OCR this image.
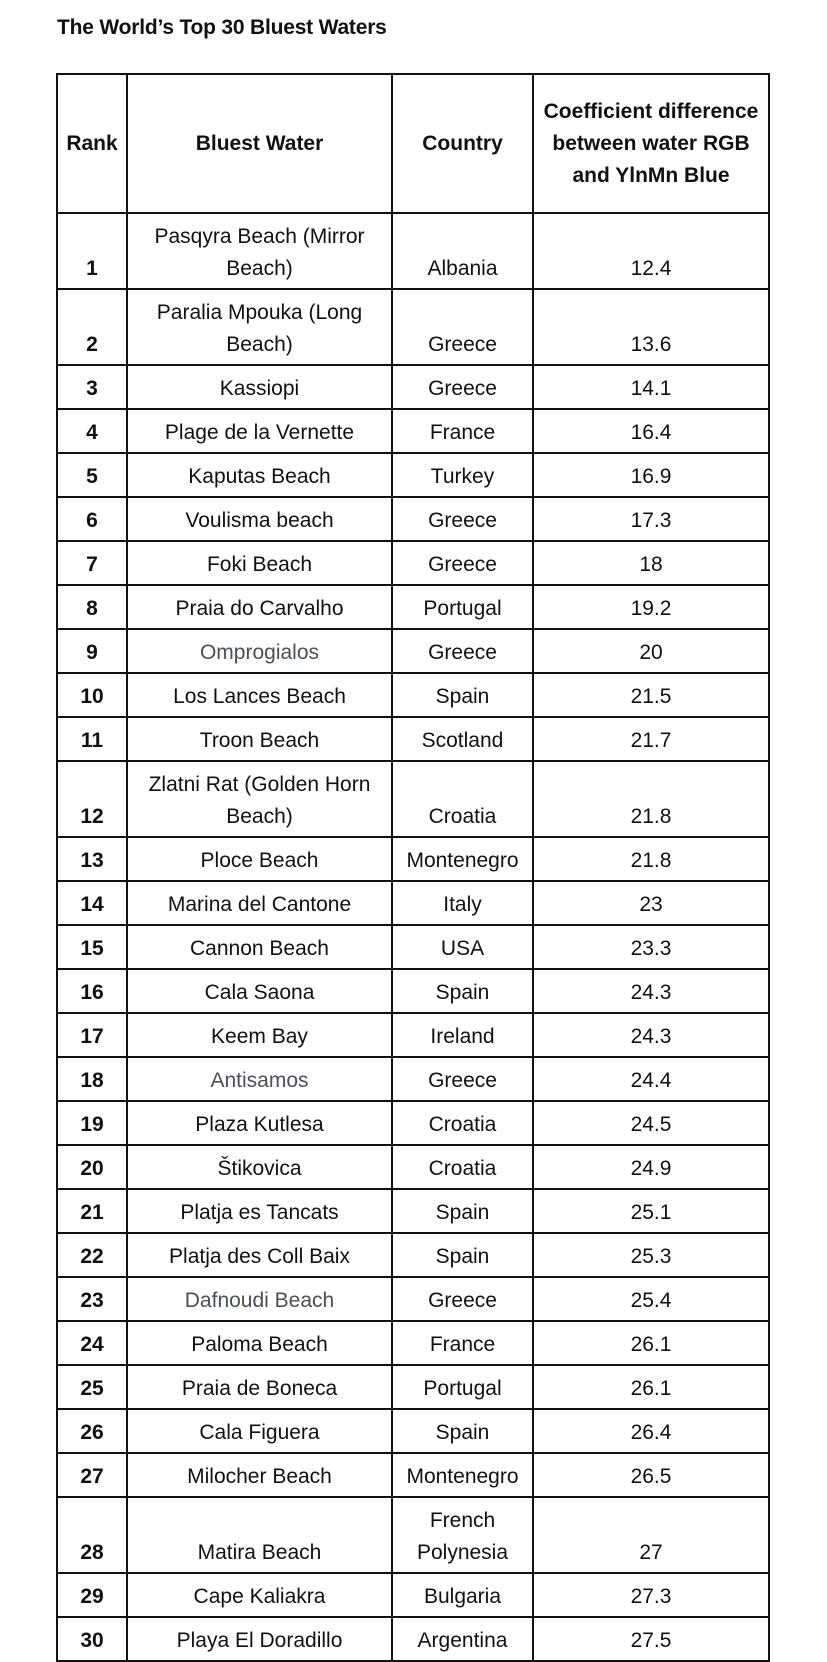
The World’s Top 30 Bluest Waters
Rank	Bluest Water	Country	Coefficient difference between water RGB and YlnMn Blue
1	Pasqyra Beach (Mirror Beach)	Albania	12.4
2	Paralia Mpouka (Long Beach)	Greece	13.6
3	Kassiopi	Greece	14.1
4	Plage de la Vernette	France	16.4
5	Kaputas Beach	Turkey	16.9
6	Voulisma beach	Greece	17.3
7	Foki Beach	Greece	18
8	Praia do Carvalho	Portugal	19.2
9	Omprogialos	Greece	20
10	Los Lances Beach	Spain	21.5
11	Troon Beach	Scotland	21.7
12	Zlatni Rat (Golden Horn Beach)	Croatia	21.8
13	Ploce Beach	Montenegro	21.8
14	Marina del Cantone	Italy	23
15	Cannon Beach	USA	23.3
16	Cala Saona	Spain	24.3
17	Keem Bay	Ireland	24.3
18	Antisamos	Greece	24.4
19	Plaza Kutlesa	Croatia	24.5
20	Štikovica	Croatia	24.9
21	Platja es Tancats	Spain	25.1
22	Platja des Coll Baix	Spain	25.3
23	Dafnoudi Beach	Greece	25.4
24	Paloma Beach	France	26.1
25	Praia de Boneca	Portugal	26.1
26	Cala Figuera	Spain	26.4
27	Milocher Beach	Montenegro	26.5
28	Matira Beach	French Polynesia	27
29	Cape Kaliakra	Bulgaria	27.3
30	Playa El Doradillo	Argentina	27.5
